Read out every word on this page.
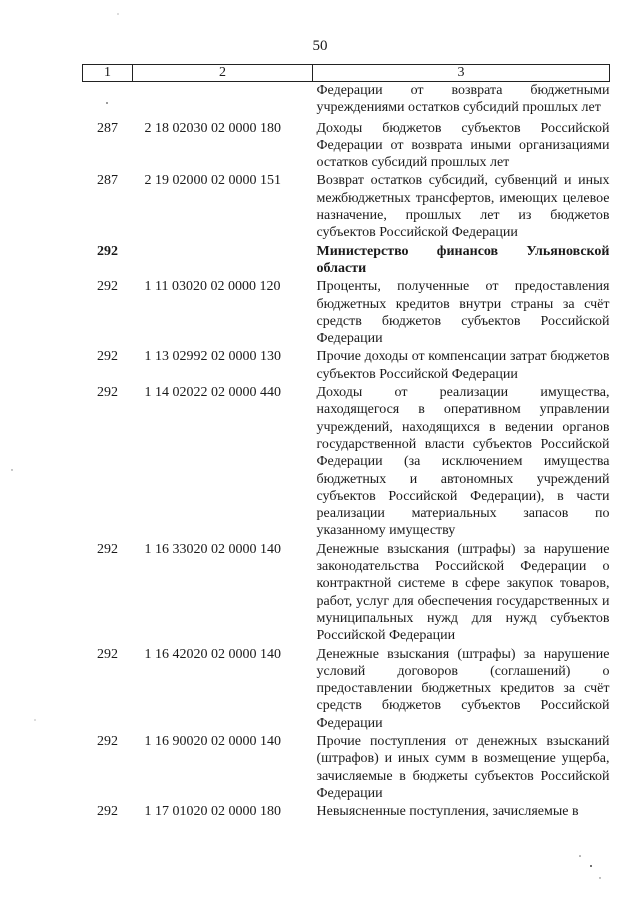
50
1	2	3
		Федерации от возврата бюджетными учреждениями остатков субсидий прошлых лет
287	2 18 02030 02 0000 180	Доходы бюджетов субъектов Российской Федерации от возврата иными организациями остатков субсидий прошлых лет
287	2 19 02000 02 0000 151	Возврат остатков субсидий, субвенций и иных межбюджетных трансфертов, имеющих целевое назначение, прошлых лет из бюджетов субъектов Российской Федерации
292		Министерство финансов Ульяновской области
292	1 11 03020 02 0000 120	Проценты, полученные от предоставления бюджетных кредитов внутри страны за счёт средств бюджетов субъектов Российской Федерации
292	1 13 02992 02 0000 130	Прочие доходы от компенсации затрат бюджетов субъектов Российской Федерации
292	1 14 02022 02 0000 440	Доходы от реализации имущества, находящегося в оперативном управлении учреждений, находящихся в ведении органов государственной власти субъектов Российской Федерации (за исключением имущества бюджетных и автономных учреждений субъектов Российской Федерации), в части реализации материальных запасов по указанному имуществу
292	1 16 33020 02 0000 140	Денежные взыскания (штрафы) за нарушение законодательства Российской Федерации о контрактной системе в сфере закупок товаров, работ, услуг для обеспечения государственных и муниципальных нужд для нужд субъектов Российской Федерации
292	1 16 42020 02 0000 140	Денежные взыскания (штрафы) за нарушение условий договоров (соглашений) о предоставлении бюджетных кредитов за счёт средств бюджетов субъектов Российской Федерации
292	1 16 90020 02 0000 140	Прочие поступления от денежных взысканий (штрафов) и иных сумм в возмещение ущерба, зачисляемые в бюджеты субъектов Российской Федерации
292	1 17 01020 02 0000 180	Невыясненные поступления, зачисляемые в
